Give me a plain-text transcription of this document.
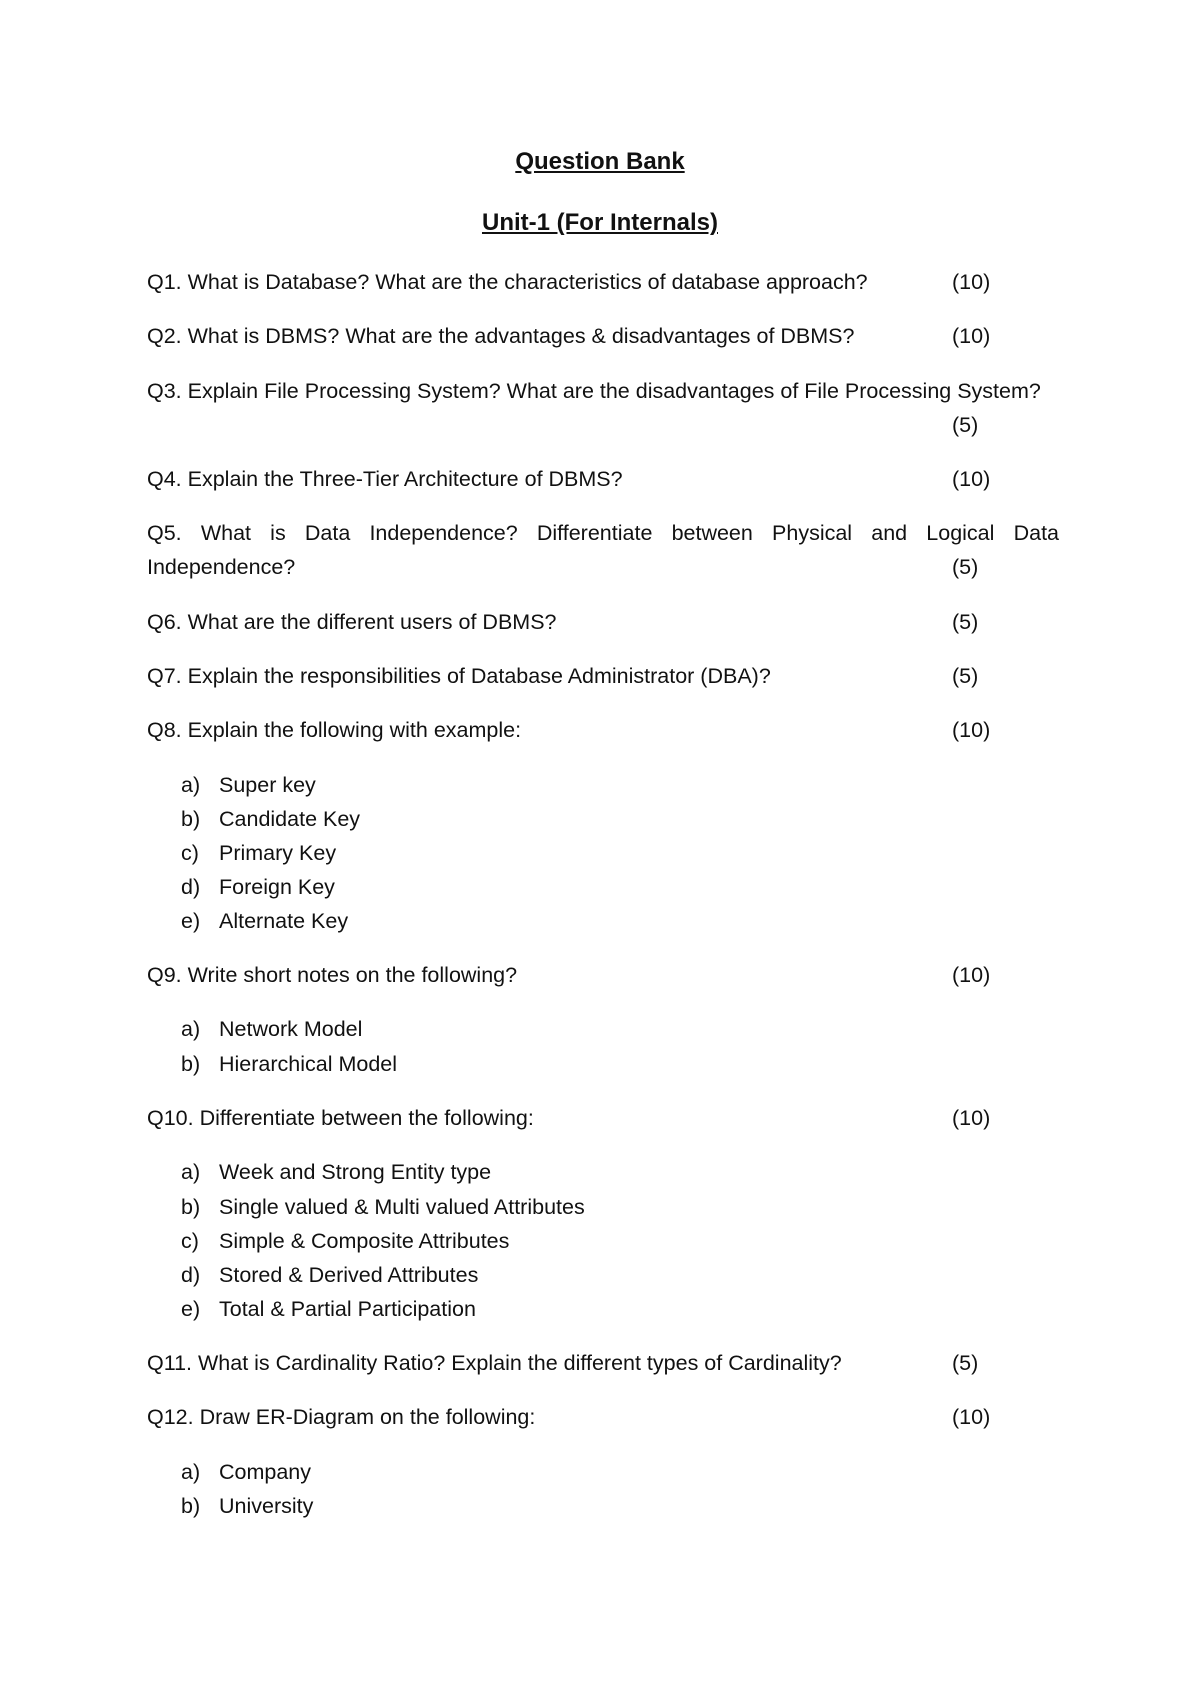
Question Bank
Unit-1 (For Internals)
Q1. What is Database? What are the characteristics of database approach?	(10)
Q2. What is DBMS? What are the advantages & disadvantages of DBMS?	(10)
Q3. Explain File Processing System? What are the disadvantages of File Processing System?
(5)
Q4. Explain the Three-Tier Architecture of DBMS?	(10)
Q5. What is Data Independence? Differentiate between Physical and Logical Data Independence?	(5)
Q6. What are the different users of DBMS?	(5)
Q7. Explain the responsibilities of Database Administrator (DBA)?	(5)
Q8. Explain the following with example:	(10)
a) Super key
b) Candidate Key
c) Primary Key
d) Foreign Key
e) Alternate Key
Q9. Write short notes on the following?	(10)
a) Network Model
b) Hierarchical Model
Q10. Differentiate between the following:	(10)
a) Week and Strong Entity type
b) Single valued & Multi valued Attributes
c) Simple & Composite Attributes
d) Stored & Derived Attributes
e) Total & Partial Participation
Q11. What is Cardinality Ratio? Explain the different types of Cardinality?	(5)
Q12. Draw ER-Diagram on the following:	(10)
a) Company
b) University
